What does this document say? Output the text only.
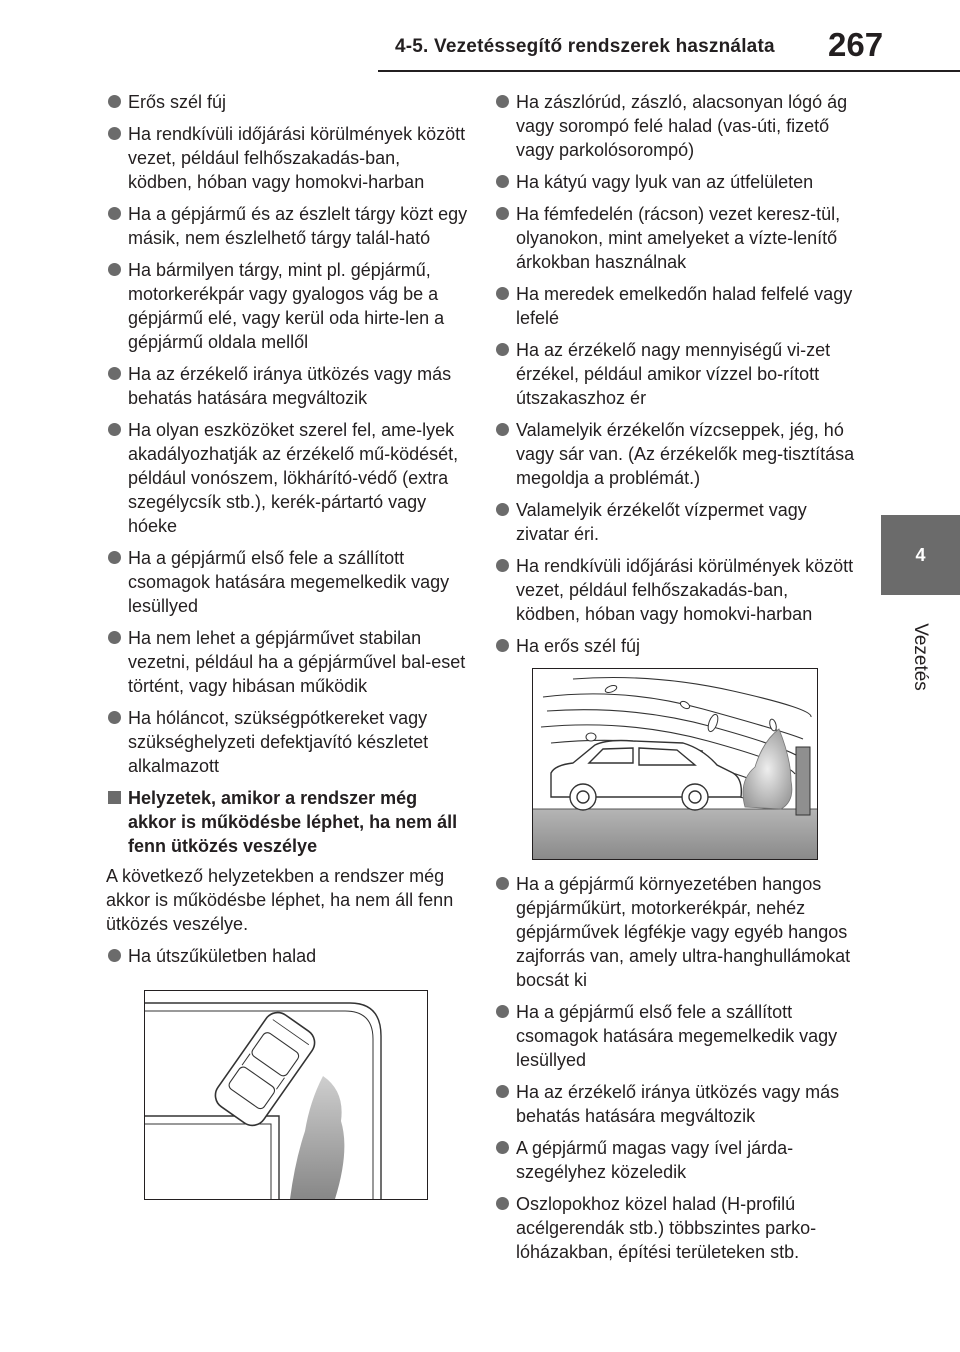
4-5. Vezetéssegítő rendszerek használata 267
4
Vezetés
Erős szél fúj
Ha rendkívüli időjárási körülmények között vezet, például felhőszakadás-ban, ködben, hóban vagy homokvi-harban
Ha a gépjármű és az észlelt tárgy közt egy másik, nem észlelhető tárgy talál-ható
Ha bármilyen tárgy, mint pl. gépjármű, motorkerékpár vagy gyalogos vág be a gépjármű elé, vagy kerül oda hirte-len a gépjármű oldala mellől
Ha az érzékelő iránya ütközés vagy más behatás hatására megváltozik
Ha olyan eszközöket szerel fel, ame-lyek akadályozhatják az érzékelő mű-ködését, például vonószem, lökhárító-védő (extra szegélycsík stb.), kerék-pártartó vagy hóeke
Ha a gépjármű első fele a szállított csomagok hatására megemelkedik vagy lesüllyed
Ha nem lehet a gépjárművet stabilan vezetni, például ha a gépjárművel bal-eset történt, vagy hibásan működik
Ha hóláncot, szükségpótkereket vagy szükséghelyzeti defektjavító készletet alkalmazott
Helyzetek, amikor a rendszer még akkor is működésbe léphet, ha nem áll fenn ütközés veszélye
A következő helyzetekben a rendszer még akkor is működésbe léphet, ha nem áll fenn ütközés veszélye.
Ha útszűkületben halad
Ha zászlórúd, zászló, alacsonyan lógó ág vagy sorompó felé halad (vas-úti, fizető vagy parkolósorompó)
Ha kátyú vagy lyuk van az útfelületen
Ha fémfedelén (rácson) vezet keresz-tül, olyanokon, mint amelyeket a vízte-lenítő árkokban használnak
Ha meredek emelkedőn halad felfelé vagy lefelé
Ha az érzékelő nagy mennyiségű vi-zet érzékel, például amikor vízzel bo-rított útszakaszhoz ér
Valamelyik érzékelőn vízcseppek, jég, hó vagy sár van. (Az érzékelők meg-tisztítása megoldja a problémát.)
Valamelyik érzékelőt vízpermet vagy zivatar éri.
Ha rendkívüli időjárási körülmények között vezet, például felhőszakadás-ban, ködben, hóban vagy homokvi-harban
Ha erős szél fúj
Ha a gépjármű környezetében hangos gépjárműkürt, motorkerékpár, nehéz gépjárművek légfékje vagy egyéb hangos zajforrás van, amely ultra-hanghullámokat bocsát ki
Ha a gépjármű első fele a szállított csomagok hatására megemelkedik vagy lesüllyed
Ha az érzékelő iránya ütközés vagy más behatás hatására megváltozik
A gépjármű magas vagy ível járda-szegélyhez közeledik
Oszlopokhoz közel halad (H-profilú acélgerendák stb.) többszintes parko-lóházakban, építési területeken stb.
